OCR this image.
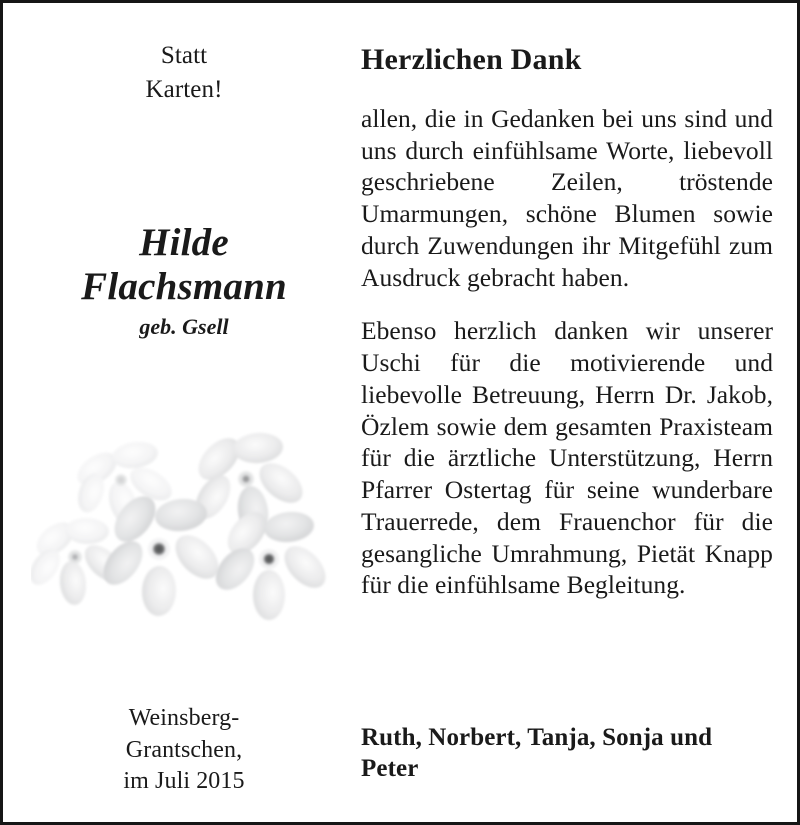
Statt
Karten!
Hilde
Flachsmann
geb. Gsell
Weinsberg-
Grantschen,
im Juli 2015
Herzlichen Dank

allen, die in Gedanken bei uns sind und uns durch einfühlsame Worte, liebevoll geschriebene Zeilen, tröstende Umarmungen, schöne Blumen sowie durch Zuwendungen ihr Mitgefühl zum Ausdruck gebracht haben.

Ebenso herzlich danken wir unserer Uschi für die motivierende und liebevolle Betreuung, Herrn Dr. Jakob, Özlem sowie dem gesamten Praxisteam für die ärztliche Unterstützung, Herrn Pfarrer Ostertag für seine wunderbare Trauerrede, dem Frauenchor für die gesangliche Umrahmung, Pietät Knapp für die einfühlsame Begleitung.

Ruth, Norbert, Tanja, Sonja und Peter
